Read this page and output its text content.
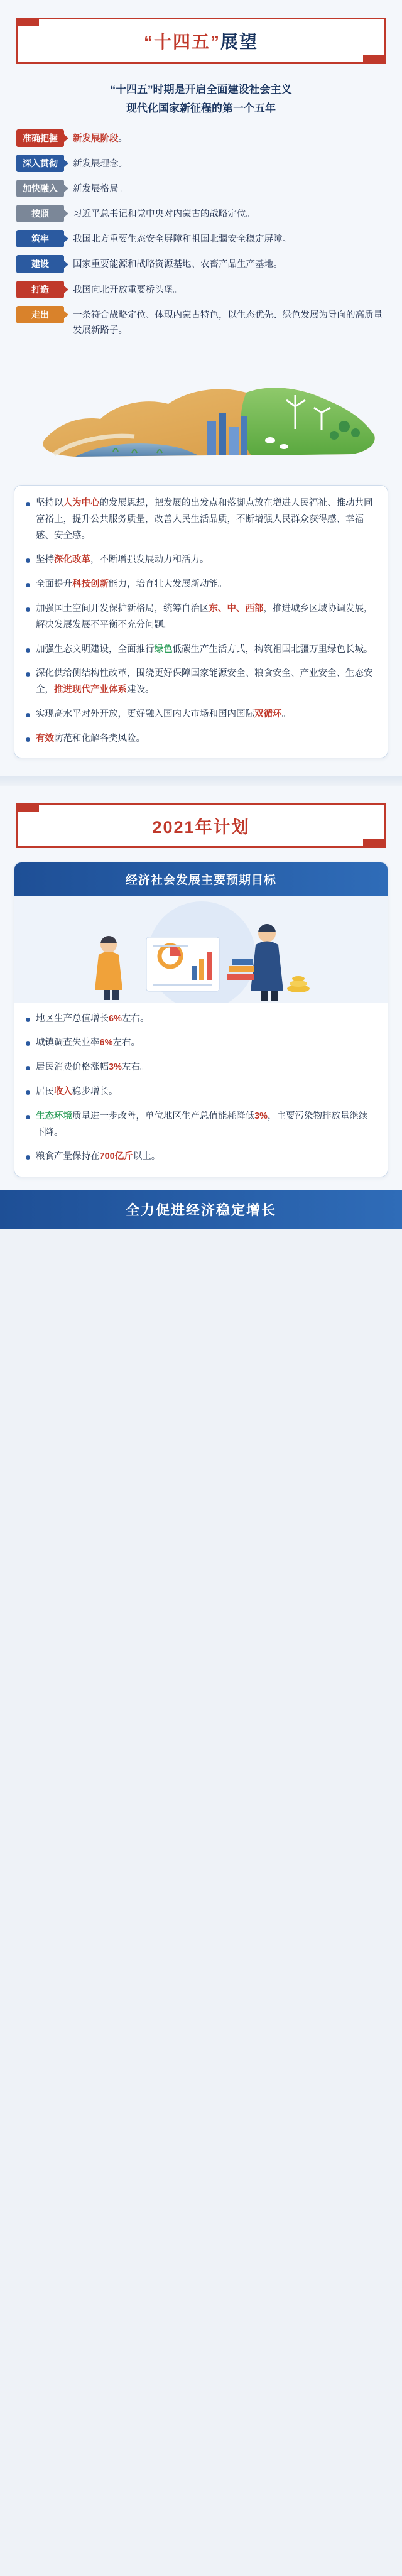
“十四五”展望
“十四五”时期是开启全面建设社会主义
现代化国家新征程的第一个五年
准确把握	新发展阶段。
深入贯彻	新发展理念。
加快融入	新发展格局。
按照	习近平总书记和党中央对内蒙古的战略定位。
筑牢	我国北方重要生态安全屏障和祖国北疆安全稳定屏障。
建设	国家重要能源和战略资源基地、农畜产品生产基地。
打造	我国向北开放重要桥头堡。
走出	一条符合战略定位、体现内蒙古特色，以生态优先、绿色发展为导向的高质量发展新路子。
坚持以人为中心的发展思想，把发展的出发点和落脚点放在增进人民福祉、推动共同富裕上，提升公共服务质量，改善人民生活品质，不断增强人民群众获得感、幸福感、安全感。
坚持深化改革，不断增强发展动力和活力。
全面提升科技创新能力，培育壮大发展新动能。
加强国土空间开发保护新格局，统筹自治区东、中、西部，推进城乡区域协调发展，解决发展发展不平衡不充分问题。
加强生态文明建设，全面推行绿色低碳生产生活方式，构筑祖国北疆万里绿色长城。
深化供给侧结构性改革，围绕更好保障国家能源安全、粮食安全、产业安全、生态安全，推进现代产业体系建设。
实现高水平对外开放，更好融入国内大市场和国内国际双循环。
有效防范和化解各类风险。
2021年计划
经济社会发展主要预期目标
地区生产总值增长6%左右。
城镇调查失业率6%左右。
居民消费价格涨幅3%左右。
居民收入稳步增长。
生态环境质量进一步改善，单位地区生产总值能耗降低3%，主要污染物排放量继续下降。
粮食产量保持在700亿斤以上。
全力促进经济稳定增长
